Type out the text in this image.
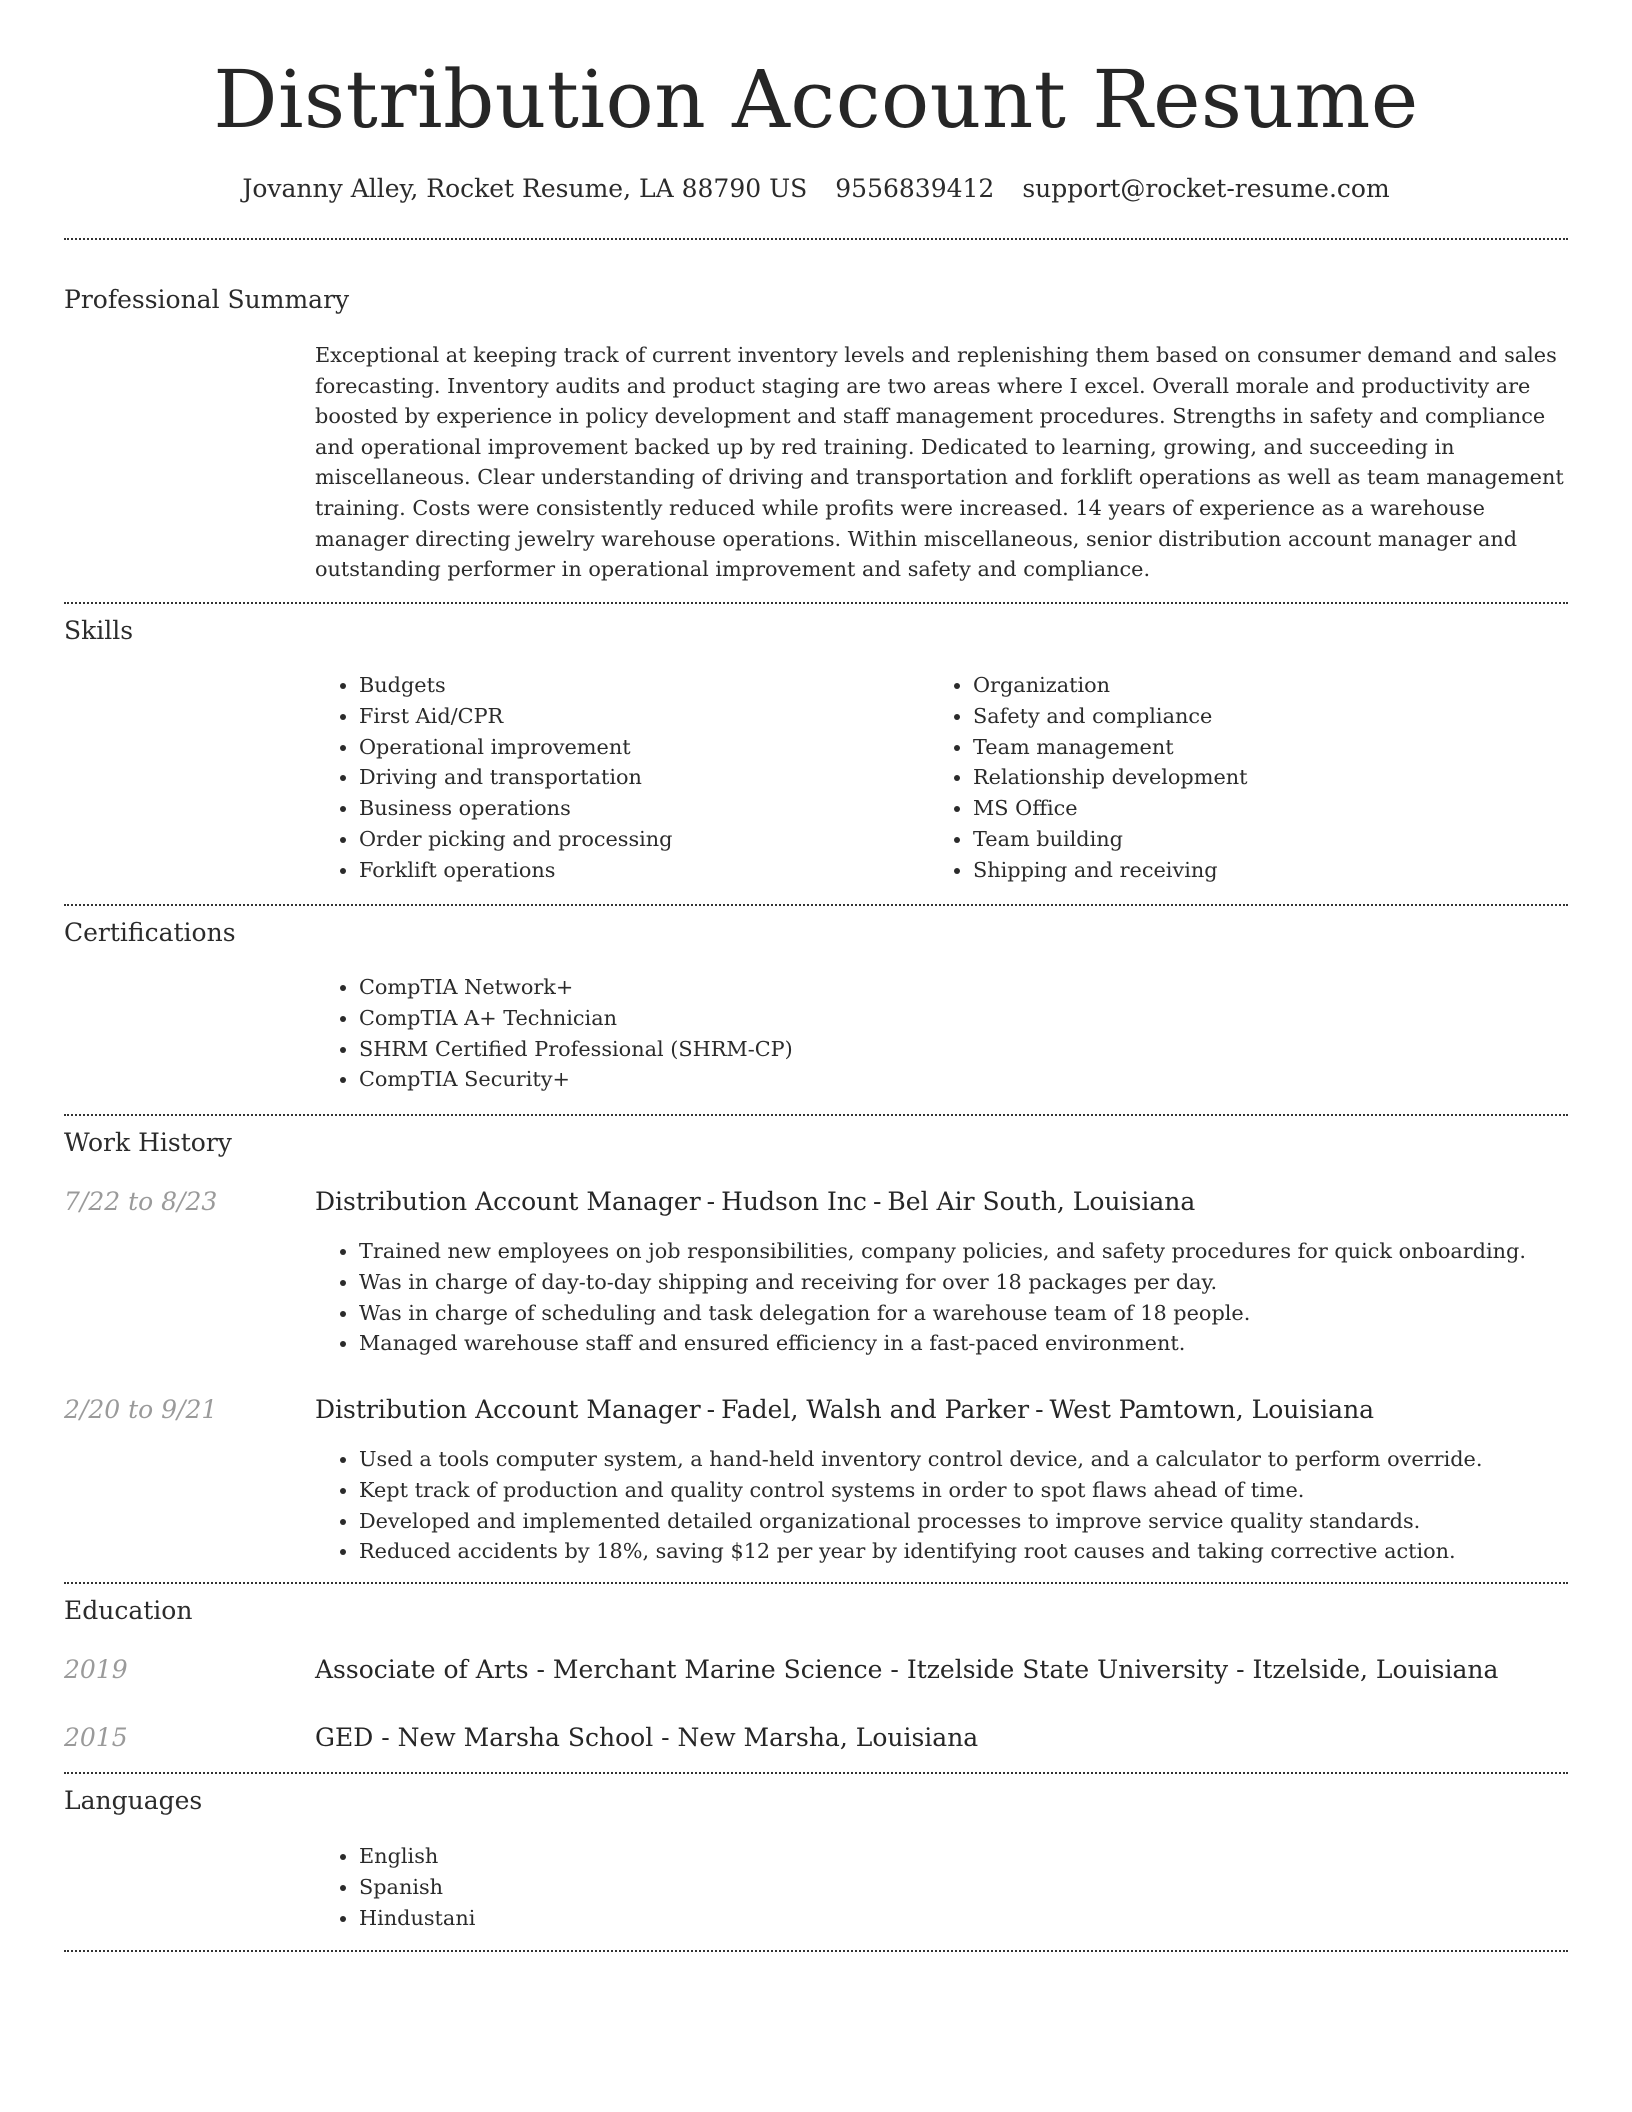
Distribution Account Resume
Jovanny Alley, Rocket Resume, LA 88790 US 9556839412 support@rocket-resume.com
Professional Summary

Exceptional at keeping track of current inventory levels and replenishing them based on consumer demand and sales forecasting. Inventory audits and product staging are two areas where I excel. Overall morale and productivity are boosted by experience in policy development and staff management procedures. Strengths in safety and compliance and operational improvement backed up by red training. Dedicated to learning, growing, and succeeding in miscellaneous. Clear understanding of driving and transportation and forklift operations as well as team management training. Costs were consistently reduced while profits were increased. 14 years of experience as a warehouse manager directing jewelry warehouse operations. Within miscellaneous, senior distribution account manager and outstanding performer in operational improvement and safety and compliance.

Skills
• Budgets
• First Aid/CPR
• Operational improvement
• Driving and transportation
• Business operations
• Order picking and processing
• Forklift operations
• Organization
• Safety and compliance
• Team management
• Relationship development
• MS Office
• Team building
• Shipping and receiving
Certifications
• CompTIA Network+
• CompTIA A+ Technician
• SHRM Certified Professional (SHRM-CP)
• CompTIA Security+
Work History
7/22 to 8/23	Distribution Account Manager - Hudson Inc - Bel Air South, Louisiana
• Trained new employees on job responsibilities, company policies, and safety procedures for quick onboarding.
• Was in charge of day-to-day shipping and receiving for over 18 packages per day.
• Was in charge of scheduling and task delegation for a warehouse team of 18 people.
• Managed warehouse staff and ensured efficiency in a fast-paced environment.
2/20 to 9/21	Distribution Account Manager - Fadel, Walsh and Parker - West Pamtown, Louisiana
• Used a tools computer system, a hand-held inventory control device, and a calculator to perform override.
• Kept track of production and quality control systems in order to spot flaws ahead of time.
• Developed and implemented detailed organizational processes to improve service quality standards.
• Reduced accidents by 18%, saving $12 per year by identifying root causes and taking corrective action.
Education
2019	Associate of Arts - Merchant Marine Science - Itzelside State University - Itzelside, Louisiana
2015	GED - New Marsha School - New Marsha, Louisiana
Languages
• English
• Spanish
• Hindustani
